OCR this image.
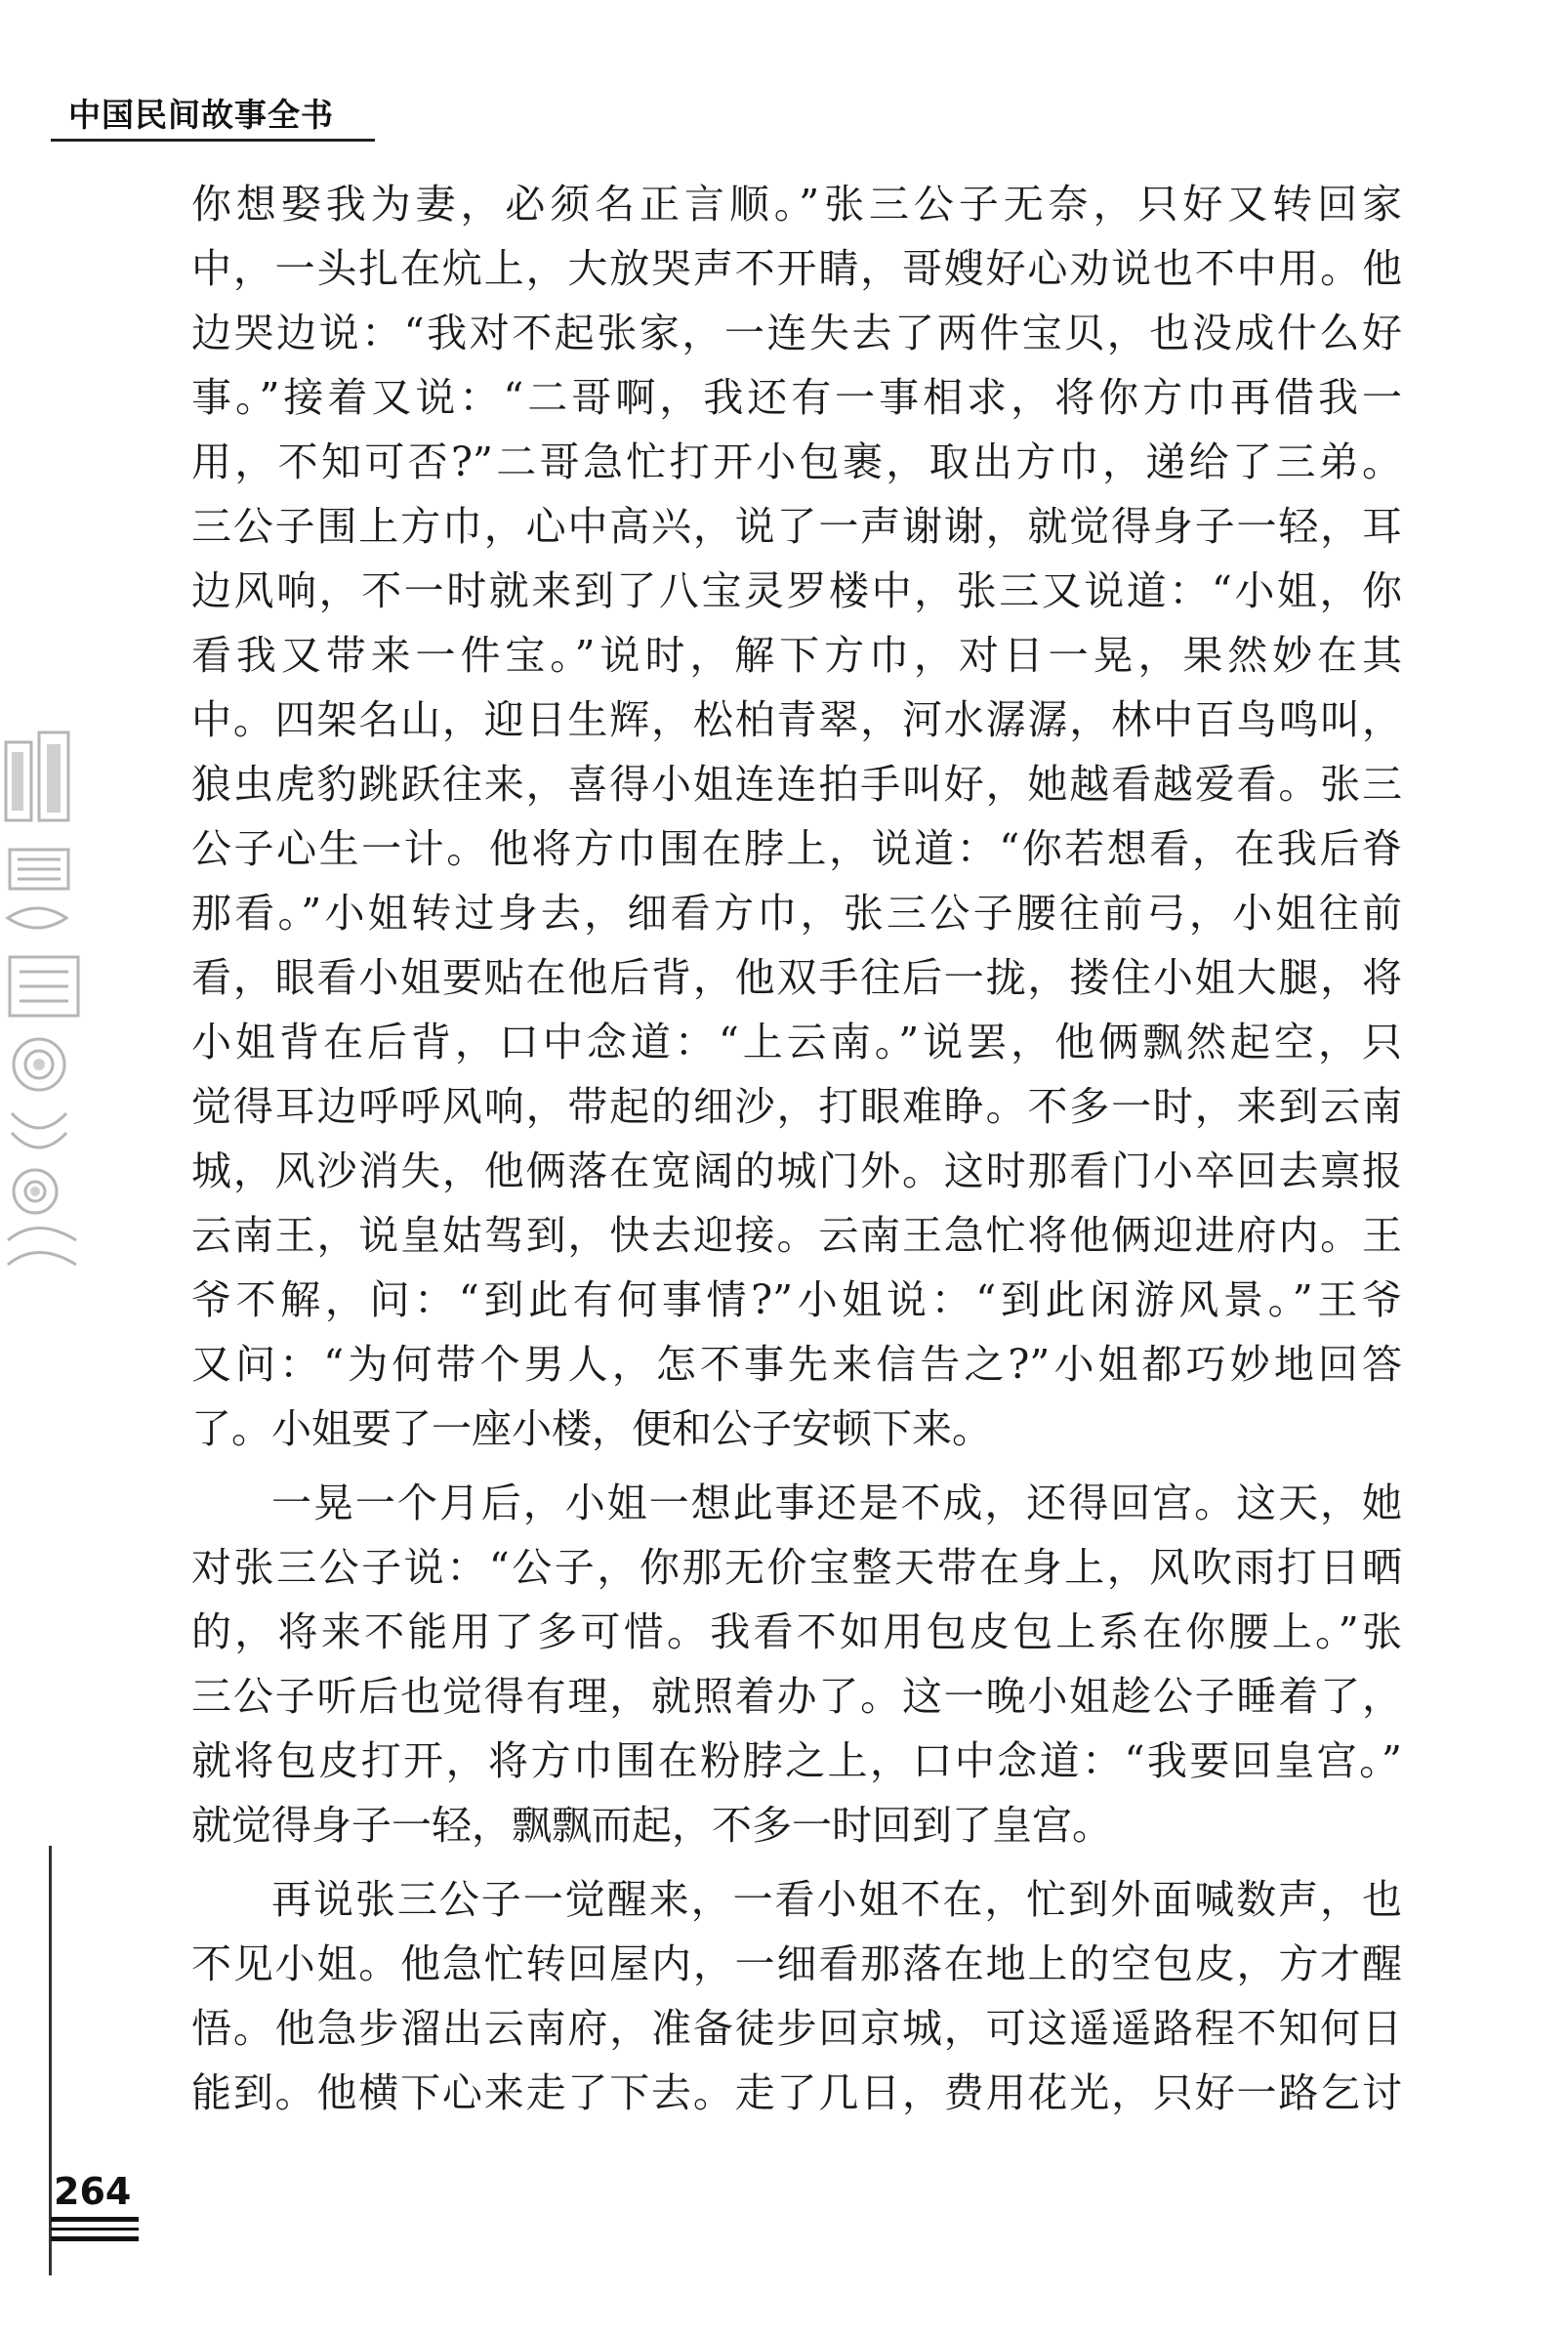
中国民间故事全书
你想娶我为妻，必须名正言顺。”张三公子无奈，只好又转回家
中，一头扎在炕上，大放哭声不开睛，哥嫂好心劝说也不中用。他
边哭边说：“我对不起张家，一连失去了两件宝贝，也没成什么好
事。”接着又说：“二哥啊，我还有一事相求，将你方巾再借我一
用，不知可否?”二哥急忙打开小包裹，取出方巾，递给了三弟。
三公子围上方巾，心中高兴，说了一声谢谢，就觉得身子一轻，耳
边风响，不一时就来到了八宝灵罗楼中，张三又说道：“小姐，你
看我又带来一件宝。”说时，解下方巾，对日一晃，果然妙在其
中。四架名山，迎日生辉，松柏青翠，河水潺潺，林中百鸟鸣叫，
狼虫虎豹跳跃往来，喜得小姐连连拍手叫好，她越看越爱看。张三
公子心生一计。他将方巾围在脖上，说道：“你若想看，在我后脊
那看。”小姐转过身去，细看方巾，张三公子腰往前弓，小姐往前
看，眼看小姐要贴在他后背，他双手往后一拢，搂住小姐大腿，将
小姐背在后背，口中念道：“上云南。”说罢，他俩飘然起空，只
觉得耳边呼呼风响，带起的细沙，打眼难睁。不多一时，来到云南
城，风沙消失，他俩落在宽阔的城门外。这时那看门小卒回去禀报
云南王，说皇姑驾到，快去迎接。云南王急忙将他俩迎进府内。王
爷不解，问：“到此有何事情?”小姐说：“到此闲游风景。”王爷
又问：“为何带个男人，怎不事先来信告之?”小姐都巧妙地回答
了。小姐要了一座小楼，便和公子安顿下来。
一晃一个月后，小姐一想此事还是不成，还得回宫。这天，她
对张三公子说：“公子，你那无价宝整天带在身上，风吹雨打日晒
的，将来不能用了多可惜。我看不如用包皮包上系在你腰上。”张
三公子听后也觉得有理，就照着办了。这一晚小姐趁公子睡着了，
就将包皮打开，将方巾围在粉脖之上，口中念道：“我要回皇宫。”
就觉得身子一轻，飘飘而起，不多一时回到了皇宫。
再说张三公子一觉醒来，一看小姐不在，忙到外面喊数声，也
不见小姐。他急忙转回屋内，一细看那落在地上的空包皮，方才醒
悟。他急步溜出云南府，准备徒步回京城，可这遥遥路程不知何日
能到。他横下心来走了下去。走了几日，费用花光，只好一路乞讨
264
